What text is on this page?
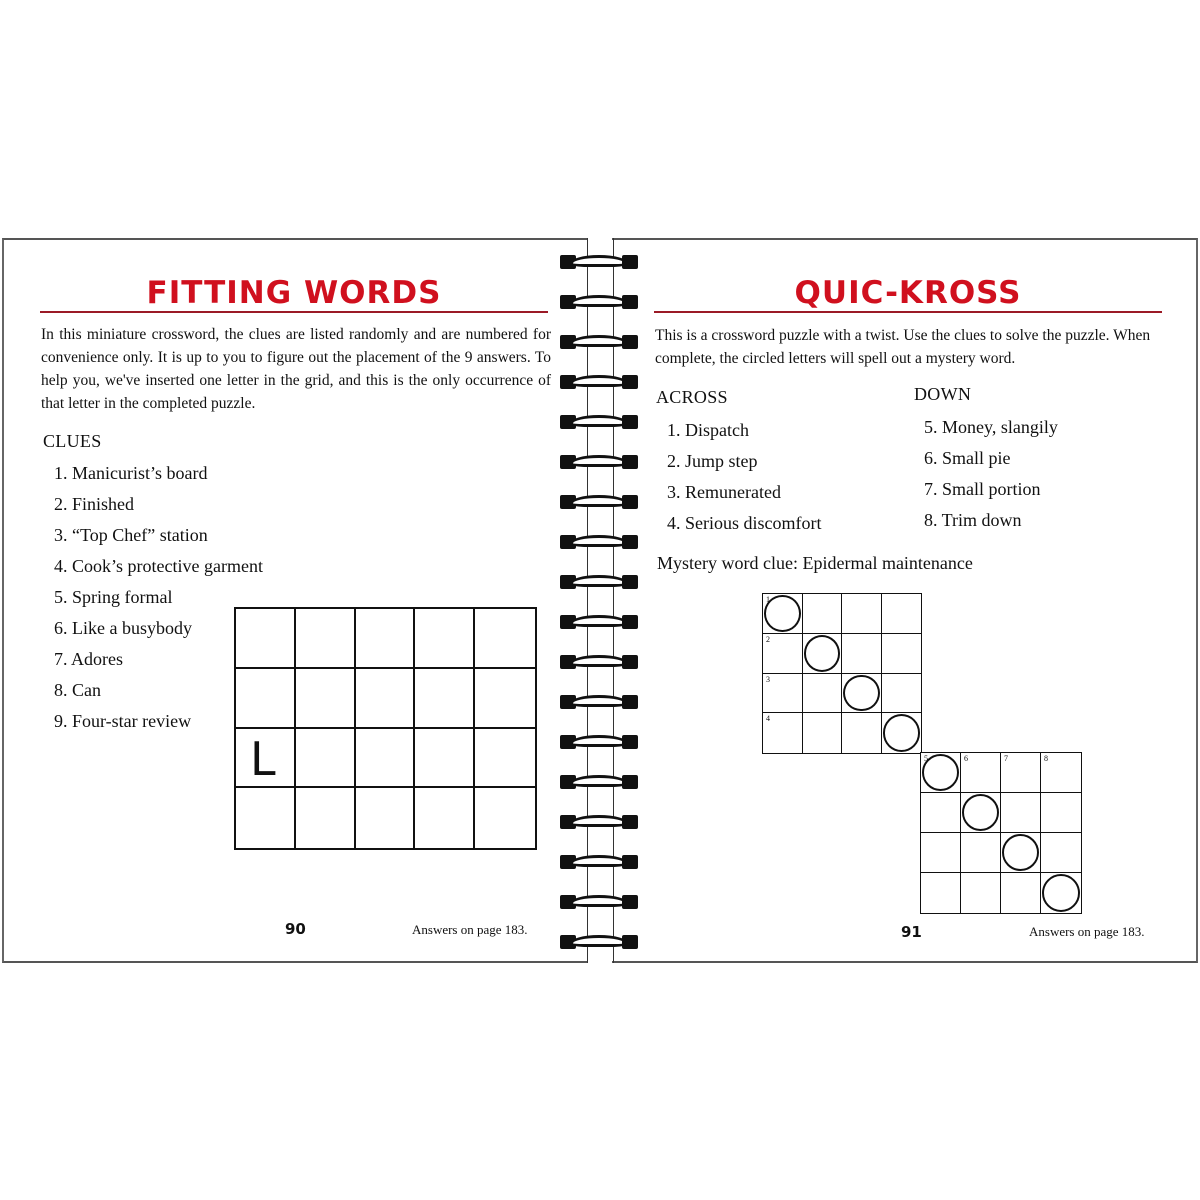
FITTING WORDS
In this miniature crossword, the clues are listed randomly and are numbered for convenience only. It is up to you to figure out the placement of the 9 answers. To help you, we've inserted one letter in the grid, and this is the only occurrence of that letter in the completed puzzle.
CLUES
1. Manicurist’s board
2. Finished
3. “Top Chef” station
4. Cook’s protective garment
5. Spring formal
6. Like a busybody
7. Adores
8. Can
9. Four-star review
L
90	Answers on page 183.
QUIC-KROSS
This is a crossword puzzle with a twist. Use the clues to solve the puzzle. When complete, the circled letters will spell out a mystery word.
ACROSS
1. Dispatch
2. Jump step
3. Remunerated
4. Serious discomfort
DOWN
5. Money, slangily
6. Small pie
7. Small portion
8. Trim down
Mystery word clue: Epidermal maintenance
1
2
3
4
5	6	7	8
91	Answers on page 183.
